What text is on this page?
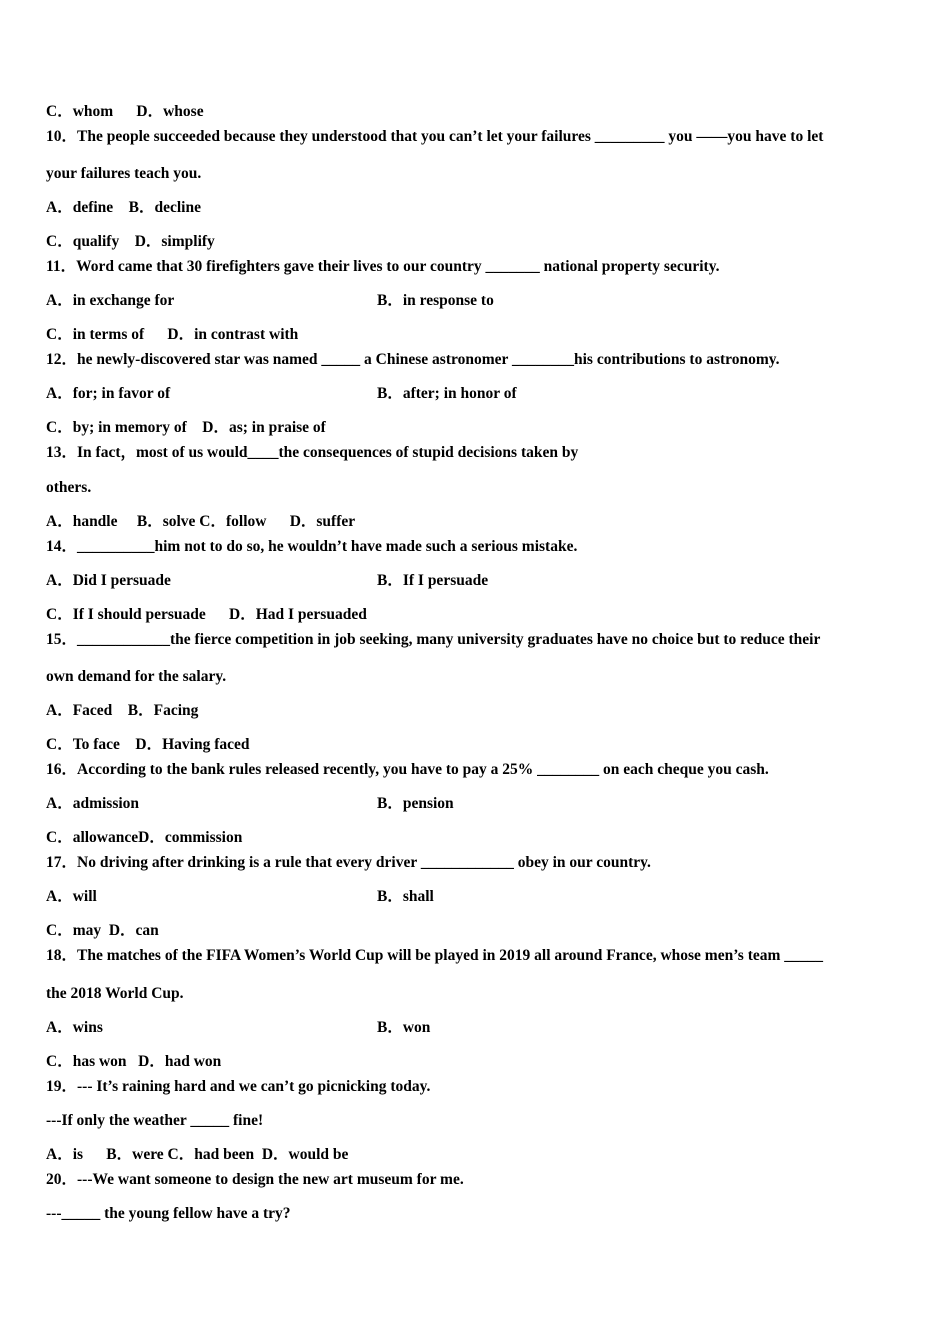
C．whom      D．whose
10．The people succeeded because they understood that you can’t let your failures _________ you ——you have to let
your failures teach you.
A．define    B．decline
C．qualify    D．simplify
11．Word came that 30 firefighters gave their lives to our country _______ national property security.
A．in exchange for	B．in response to
C．in terms of      D．in contrast with
12．he newly-discovered star was named _____ a Chinese astronomer ________his contributions to astronomy.
A．for; in favor of	B．after; in honor of
C．by; in memory of    D．as; in praise of
13．In fact，most of us would____the consequences of stupid decisions taken by
others.
A．handle     B．solve C．follow      D．suffer
14．__________him not to do so, he wouldn’t have made such a serious mistake.
A．Did I persuade	B．If I persuade
C．If I should persuade      D．Had I persuaded
15．____________the fierce competition in job seeking, many university graduates have no choice but to reduce their
own demand for the salary.
A．Faced    B．Facing
C．To face    D．Having faced
16．According to the bank rules released recently, you have to pay a 25% ________ on each cheque you cash.
A．admission	B．pension
C．allowanceD．commission
17．No driving after drinking is a rule that every driver ____________ obey in our country.
A．will	B．shall
C．may  D．can
18．The matches of the FIFA Women’s World Cup will be played in 2019 all around France, whose men’s team _____
the 2018 World Cup.
A．wins	B．won
C．has won   D．had won
19．--- It’s raining hard and we can’t go picnicking today.
---If only the weather _____ fine!
A．is      B．were C．had been  D．would be
20．---We want someone to design the new art museum for me.
---_____ the young fellow have a try?
